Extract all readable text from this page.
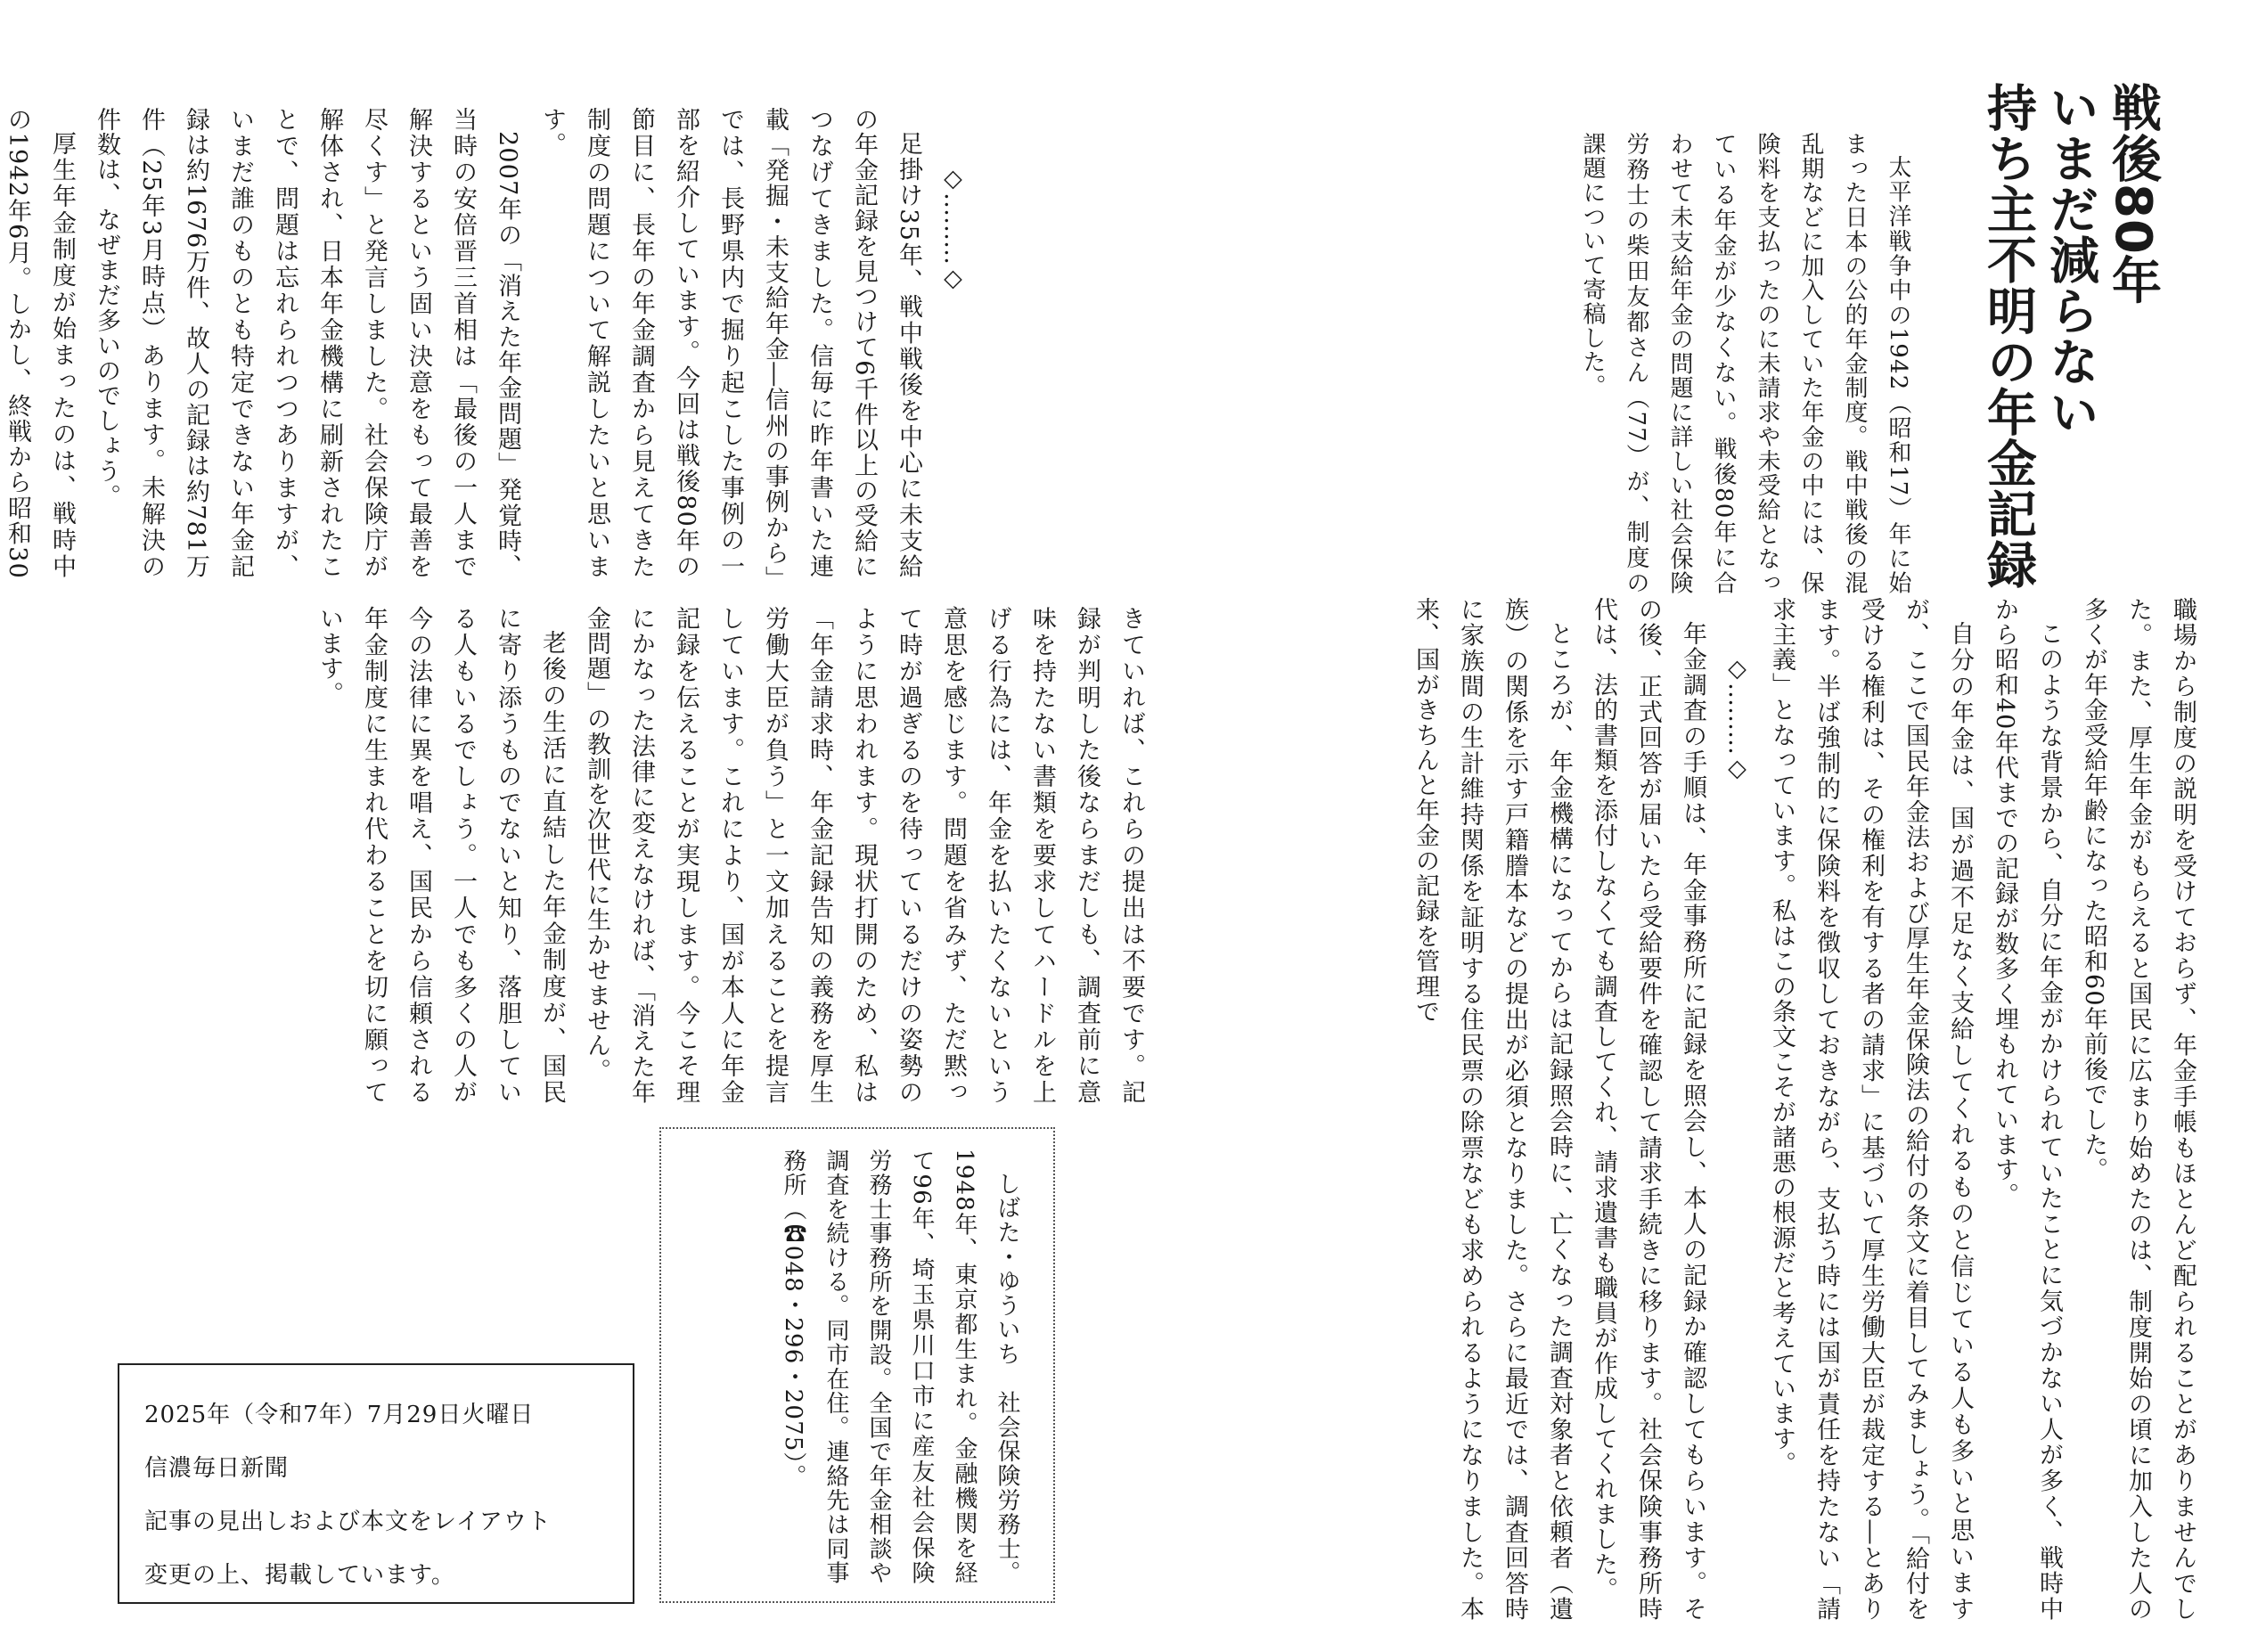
戦後80年
いまだ減らない
持ち主不明の年金記録

太平洋戦争中の1942（昭和17）年に始まった日本の公的年金制度。戦中戦後の混乱期などに加入していた年金の中には、保険料を支払ったのに未請求や未受給となっている年金が少なくない。戦後80年に合わせて未支給年金の問題に詳しい社会保険労務士の柴田友都さん（77）が、制度の課題について寄稿した。

◇………◇

足掛け35年、戦中戦後を中心に未支給の年金記録を見つけて6千件以上の受給につなげてきました。信毎に昨年書いた連載「発掘・未支給年金―信州の事例から」では、長野県内で掘り起こした事例の一部を紹介しています。今回は戦後80年の節目に、長年の年金調査から見えてきた制度の問題について解説したいと思います。

2007年の「消えた年金問題」発覚時、当時の安倍晋三首相は「最後の一人まで解決するという固い決意をもって最善を尽くす」と発言しました。社会保険庁が解体され、日本年金機構に刷新されたことで、問題は忘れられつつありますが、いまだ誰のものとも特定できない年金記録は約1676万件、故人の記録は約781万件（25年3月時点）あります。未解決の件数は、なぜまだ多いのでしょう。

厚生年金制度が始まったのは、戦時中の1942年6月。しかし、終戦から昭和30

職場から制度の説明を受けておらず、年金手帳もほとんど配られることがありませんでした。また、厚生年金がもらえると国民に広まり始めたのは、制度開始の頃に加入した人の多くが年金受給年齢になった昭和60年前後でした。

このような背景から、自分に年金がかけられていたことに気づかない人が多く、戦時中から昭和40年代までの記録が数多く埋もれています。

自分の年金は、国が過不足なく支給してくれるものと信じている人も多いと思いますが、ここで国民年金法および厚生年金保険法の給付の条文に着目してみましょう。「給付を受ける権利は、その権利を有する者の請求」に基づいて厚生労働大臣が裁定する―とあります。半ば強制的に保険料を徴収しておきながら、支払う時には国が責任を持たない「請求主義」となっています。私はこの条文こそが諸悪の根源だと考えています。

◇………◇

年金調査の手順は、年金事務所に記録を照会し、本人の記録か確認してもらいます。その後、正式回答が届いたら受給要件を確認して請求手続きに移ります。社会保険事務所時代は、法的書類を添付しなくても調査してくれ、請求遺書も職員が作成してくれました。

ところが、年金機構になってからは記録照会時に、亡くなった調査対象者と依頼者（遺族）の関係を示す戸籍謄本などの提出が必須となりました。さらに最近では、調査回答時に家族間の生計維持関係を証明する住民票の除票なども求められるようになりました。本来、国がきちんと年金の記録を管理で

きていれば、これらの提出は不要です。記録が判明した後ならまだしも、調査前に意味を持たない書類を要求してハードルを上げる行為には、年金を払いたくないという意思を感じます。問題を省みず、ただ黙って時が過ぎるのを待っているだけの姿勢のように思われます。現状打開のため、私は「年金請求時、年金記録告知の義務を厚生労働大臣が負う」と一文加えることを提言しています。これにより、国が本人に年金記録を伝えることが実現します。今こそ理にかなった法律に変えなければ、「消えた年金問題」の教訓を次世代に生かせません。

老後の生活に直結した年金制度が、国民に寄り添うものでないと知り、落胆している人もいるでしょう。一人でも多くの人が今の法律に異を唱え、国民から信頼される年金制度に生まれ代わることを切に願っています。

しばた・ゆういち　社会保険労務士。1948年、東京都生まれ。金融機関を経て96年、埼玉県川口市に産友社会保険労務士事務所を開設。全国で年金相談や調査を続ける。同市在住。連絡先は同事務所（☎048・296・2075）。

2025年（令和7年）7月29日火曜日
信濃毎日新聞
記事の見出しおよび本文をレイアウト
変更の上、掲載しています。
